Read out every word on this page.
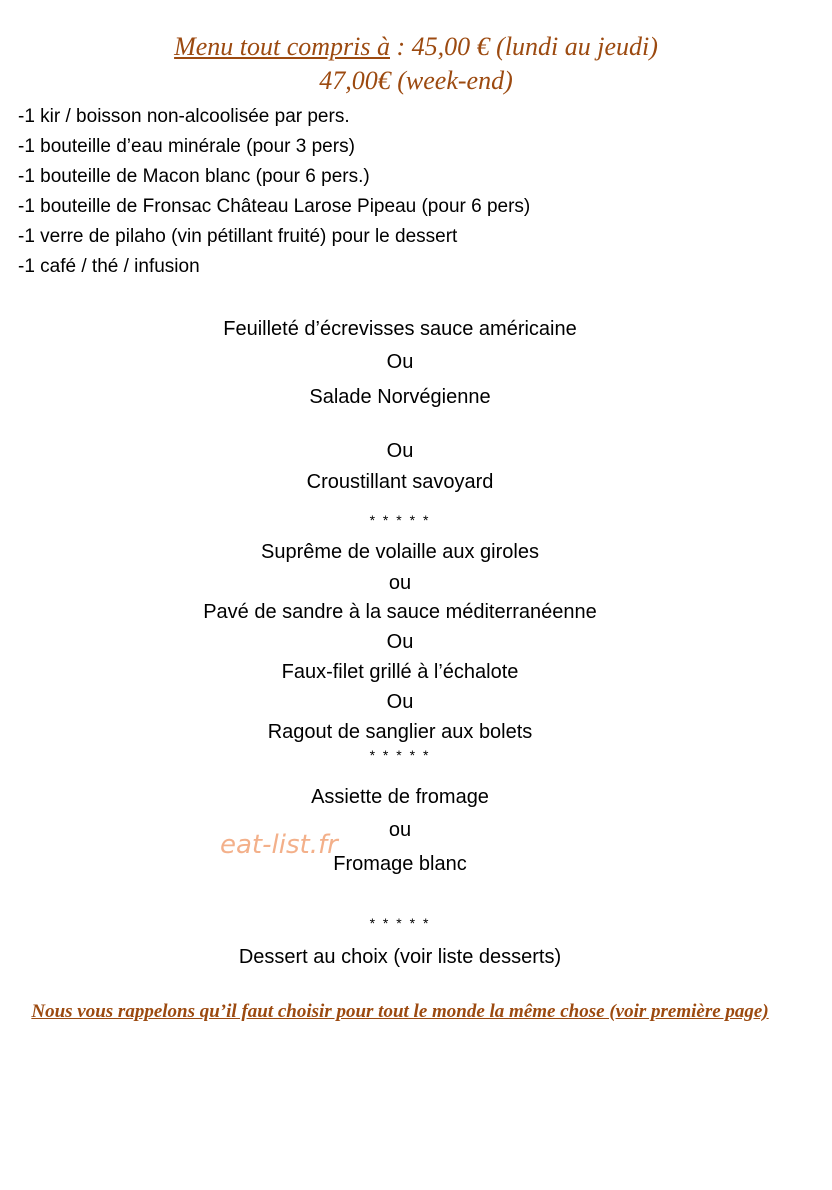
Menu tout compris à : 45,00 € (lundi au jeudi)
47,00€ (week-end)
-1 kir / boisson non-alcoolisée par pers.
-1 bouteille d’eau minérale (pour 3 pers)
-1 bouteille de Macon blanc (pour 6 pers.)
-1 bouteille de Fronsac Château Larose Pipeau (pour 6 pers)
-1 verre de pilaho (vin pétillant fruité) pour le dessert
-1 café / thé / infusion
Feuilleté d’écrevisses sauce américaine
Ou
Salade Norvégienne
Ou
Croustillant savoyard
* * * * *
Suprême de volaille aux giroles
ou
Pavé de sandre à la sauce méditerranéenne
Ou
Faux-filet grillé à l’échalote
Ou
Ragout de sanglier aux bolets
* * * * *
Assiette de fromage
ou
Fromage blanc
* * * * *
Dessert au choix (voir liste desserts)
eat-list.fr
Nous vous rappelons qu’il faut choisir pour tout le monde la même chose (voir première page)
